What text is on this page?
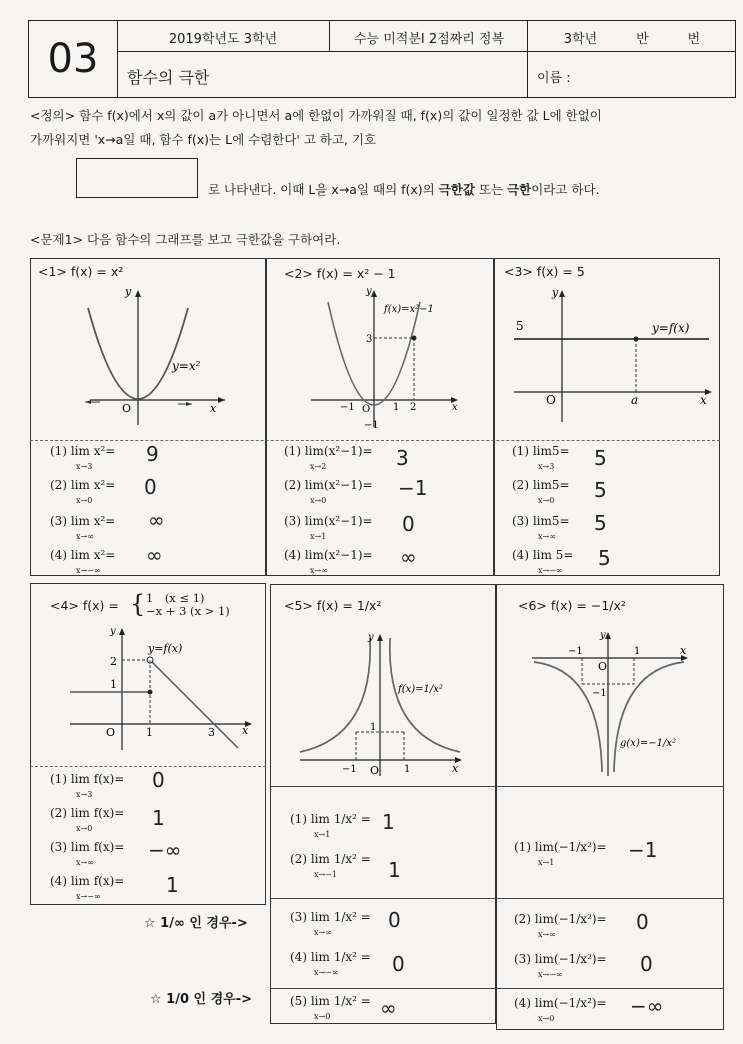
03	2019학년도 3학년	수능 미적분I 2점짜리 정복	3학년　　　반　　　번
함수의 극한	이름 :
<정의> 함수 f(x)에서 x의 값이 a가 아니면서 a에 한없이 가까워질 때, f(x)의 값이 일정한 값 L에 한없이
가까워지면 'x→a일 때, 함수 f(x)는 L에 수렴한다' 고 하고, 기호
로 나타낸다. 이때 L을 x→a일 때의 f(x)의 극한값 또는 극한이라고 하다.
<문제1> 다음 함수의 그래프를 보고 극한값을 구하여라.
<1> f(x) = x²	<2> f(x) = x² − 1	<3> f(x) = 5
y
x
O
y=x²
y
x
3
−1 O 1 2
−1
f(x)=x²−1
y
x
5
O	a
y=f(x)
(1) lim x²=
x→3
9
(2) lim x²=
x→0
0
(3) lim x²=
x→∞
∞
(4) lim x²=
x→−∞
∞
(1) lim(x²−1)=
x→2	3
(2) lim(x²−1)=
x→0
−1
(3) lim(x²−1)=
x→1
0
(4) lim(x²−1)=
x→∞
∞
(1) lim5=
x→3	5
(2) lim5=
x→0	5
(3) lim5=
x→∞
5
(4) lim 5=
x→−∞
5
<4> f(x) = { 1　(x ≤ 1)
−x + 3 (x > 1)
y
x
2
1
O	1	3
y=f(x)
(1) lim f(x)=
x→3
0
(2) lim f(x)=
x→0	1
(3) lim f(x)=
x→∞
−∞
(4) lim f(x)=
x→−∞	1
☆ 1/∞ 인 경우->
☆ 1/0 인 경우->
<5> f(x) = 1/x²	<6> f(x) = −1/x²
y
x
1
−1 O 1
f(x)=1/x²
y
x
−1
O
1
−1
g(x)=−1/x²
(1) lim 1/x² =
x→1
1
(2) lim 1/x² =
x→−1	1
(3) lim 1/x² =
x→∞
0
(4) lim 1/x² =
x→−∞	0
(5) lim 1/x² =
x→0	∞
(1) lim(−1/x²)=
x→1
−1
(2) lim(−1/x²)=
x→∞
0
(3) lim(−1/x²)=
x→−∞	0
(4) lim(−1/x²)=
x→0
−∞
